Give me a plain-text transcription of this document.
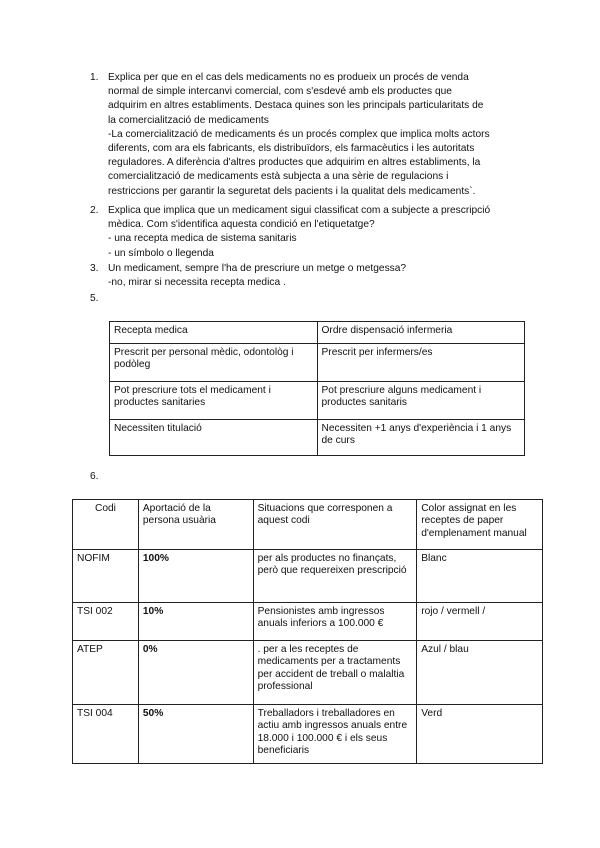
1. Explica per que en el cas dels medicaments no es produeix un procés de venda
normal de simple intercanvi comercial, com s'esdevé amb els productes que
adquirim en altres establiments. Destaca quines son les principals particularitats de
la comercialització de medicaments
-La comercialització de medicaments és un procés complex que implica molts actors
diferents, com ara els fabricants, els distribuïdors, els farmacèutics i les autoritats
reguladores. A diferència d'altres productes que adquirim en altres establiments, la
comercialització de medicaments està subjecta a una sèrie de regulacions i
restriccions per garantir la seguretat dels pacients i la qualitat dels medicaments`.
2. Explica que implica que un medicament sigui classificat com a subjecte a prescripció
mèdica. Com s'identifica aquesta condició en l'etiquetatge?
- una recepta medica de sistema sanitaris
- un símbolo o llegenda
3. Un medicament, sempre l'ha de prescriure un metge o metgessa?
-no, mirar si necessita recepta medica .
5.
Recepta medica	Ordre dispensació infermeria
Prescrit per personal mèdic, odontològ i podòleg	Prescrit per infermers/es
Pot prescriure tots el medicament i productes sanitaries	Pot prescriure alguns medicament i productes sanitaris
Necessiten titulació	Necessiten +1 anys d'experiència i 1 anys de curs
6.
Codi	Aportació de la persona usuària	Situacions que corresponen a aquest codi	Color assignat en les receptes de paper d'emplenament manual
NOFIM	100%	per als productes no finançats, però que requereixen prescripció	Blanc
TSI 002	10%	Pensionistes amb ingressos anuals inferiors a 100.000 €	rojo / vermell /
ATEP	0%	. per a les receptes de medicaments per a tractaments per accident de treball o malaltia professional	Azul / blau
TSI 004	50%	Treballadors i treballadores en actiu amb ingressos anuals entre 18.000 i 100.000 € i els seus beneficiaris	Verd
